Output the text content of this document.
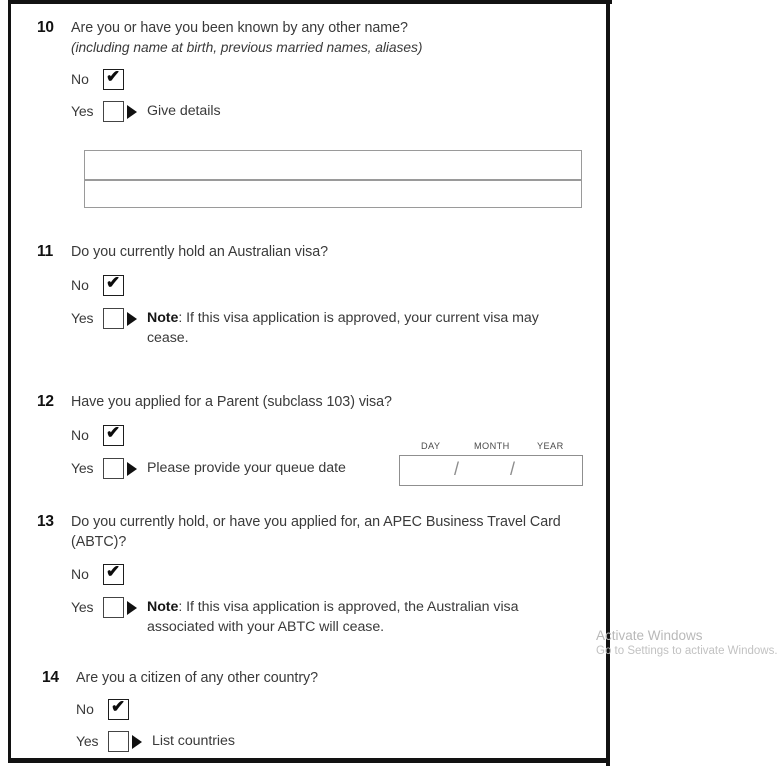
10	Are you or have you been known by any other name?
(including name at birth, previous married names, aliases)
No	✔
Yes	Give details
11	Do you currently hold an Australian visa?
No	✔
Yes	Note: If this visa application is approved, your current visa may cease.
12	Have you applied for a Parent (subclass 103) visa?
No	✔
Yes	Please provide your queue date
DAY	MONTH	YEAR
/	/
13	Do you currently hold, or have you applied for, an APEC Business Travel Card (ABTC)?
No	✔
Yes	Note: If this visa application is approved, the Australian visa associated with your ABTC will cease.
14	Are you a citizen of any other country?
No	✔
Yes	List countries
Activate Windows
Go to Settings to activate Windows.
